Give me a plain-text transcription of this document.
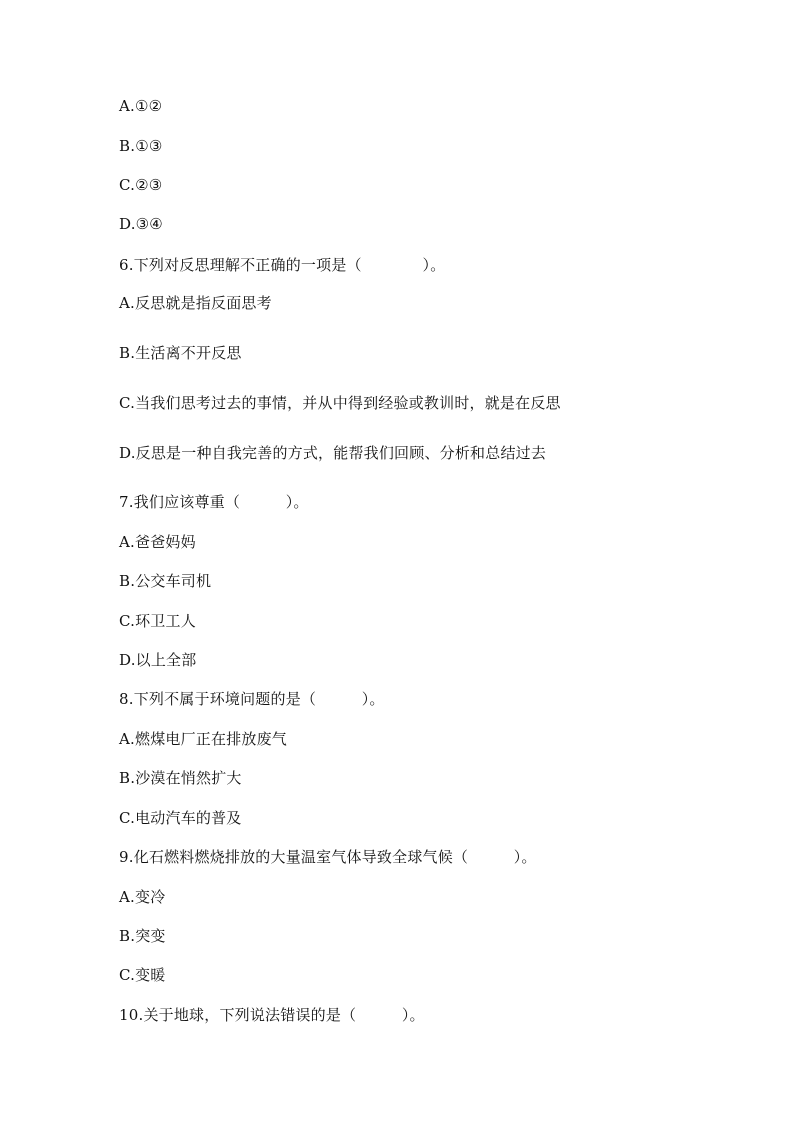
A.①②
B.①③
C.②③
D.③④
6.下列对反思理解不正确的一项是（　　　　）。
A.反思就是指反面思考
B.生活离不开反思
C.当我们思考过去的事情，并从中得到经验或教训时，就是在反思
D.反思是一种自我完善的方式，能帮我们回顾、分析和总结过去
7.我们应该尊重（　　　）。
A.爸爸妈妈
B.公交车司机
C.环卫工人
D.以上全部
8.下列不属于环境问题的是（　　　）。
A.燃煤电厂正在排放废气
B.沙漠在悄然扩大
C.电动汽车的普及
9.化石燃料燃烧排放的大量温室气体导致全球气候（　　　）。
A.变冷
B.突变
C.变暖
10.关于地球，下列说法错误的是（　　　）。
